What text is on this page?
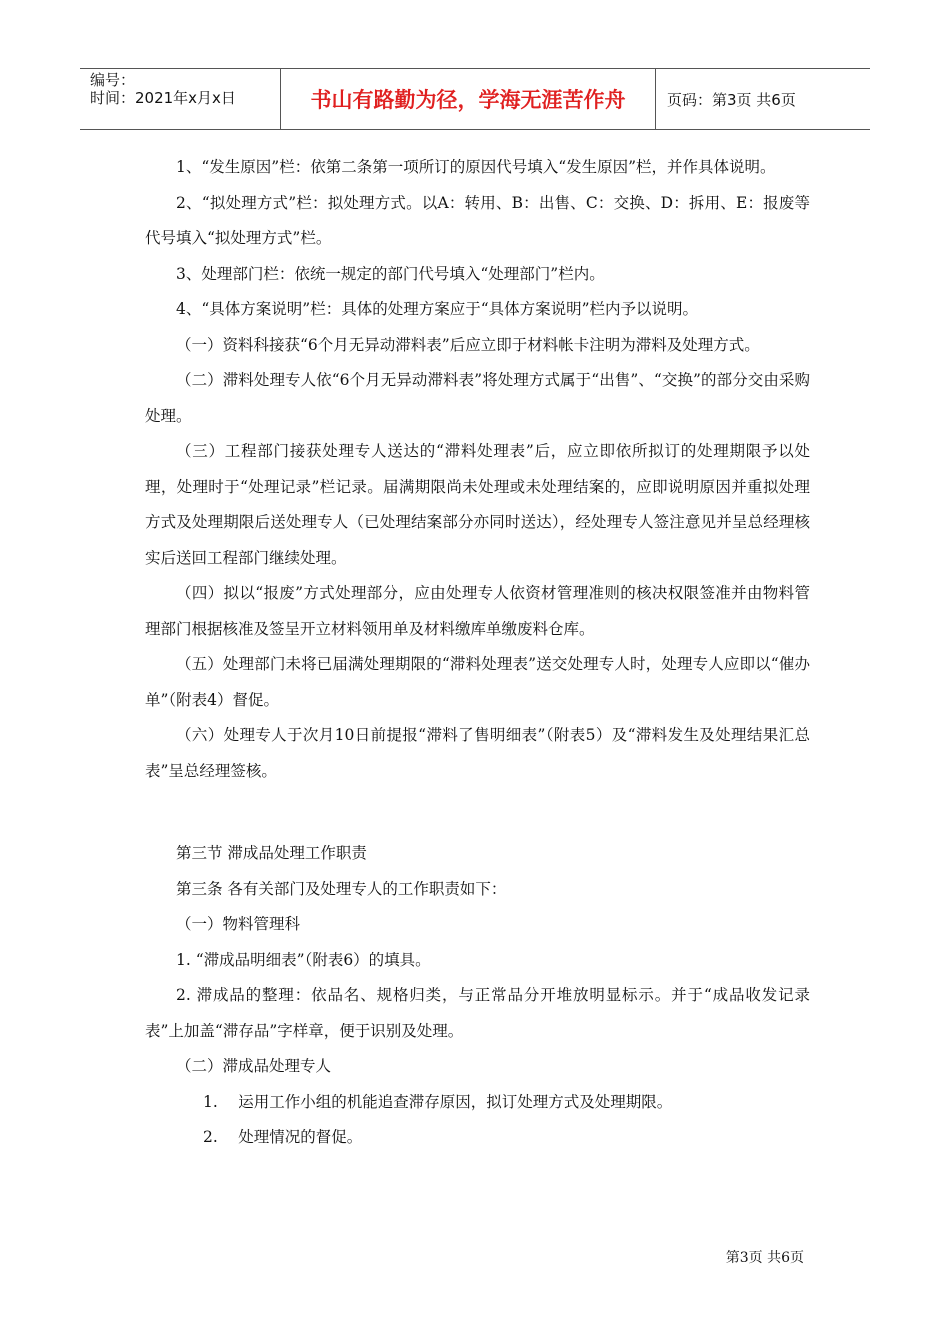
编号：
时间：2021年x月x日	书山有路勤为径，学海无涯苦作舟	页码：第3页 共6页

1、“发生原因”栏：依第二条第一项所订的原因代号填入“发生原因”栏，并作具体说明。

2、“拟处理方式”栏：拟处理方式。以A：转用、B：出售、C：交换、D：拆用、E：报废等代号填入“拟处理方式”栏。

3、处理部门栏：依统一规定的部门代号填入“处理部门”栏内。

4、“具体方案说明”栏：具体的处理方案应于“具体方案说明”栏内予以说明。

（一）资料科接获“6个月无异动滞料表”后应立即于材料帐卡注明为滞料及处理方式。

（二）滞料处理专人依“6个月无异动滞料表”将处理方式属于“出售”、“交换”的部分交由采购处理。

（三）工程部门接获处理专人送达的“滞料处理表”后，应立即依所拟订的处理期限予以处理，处理时于“处理记录”栏记录。届满期限尚未处理或未处理结案的，应即说明原因并重拟处理方式及处理期限后送处理专人（已处理结案部分亦同时送达），经处理专人签注意见并呈总经理核实后送回工程部门继续处理。

（四）拟以“报废”方式处理部分，应由处理专人依资材管理准则的核决权限签准并由物料管理部门根据核准及签呈开立材料领用单及材料缴库单缴废料仓库。

（五）处理部门未将已届满处理期限的“滞料处理表”送交处理专人时，处理专人应即以“催办单”（附表4）督促。

（六）处理专人于次月10日前提报“滞料了售明细表”（附表5）及“滞料发生及处理结果汇总表”呈总经理签核。

第三节 滞成品处理工作职责

第三条 各有关部门及处理专人的工作职责如下：

（一）物料管理科

1. “滞成品明细表”（附表6）的填具。

2. 滞成品的整理：依品名、规格归类，与正常品分开堆放明显标示。并于“成品收发记录表”上加盖“滞存品”字样章，便于识别及处理。

（二）滞成品处理专人

1.　 运用工作小组的机能追查滞存原因，拟订处理方式及处理期限。

2.　 处理情况的督促。

第3页 共6页
